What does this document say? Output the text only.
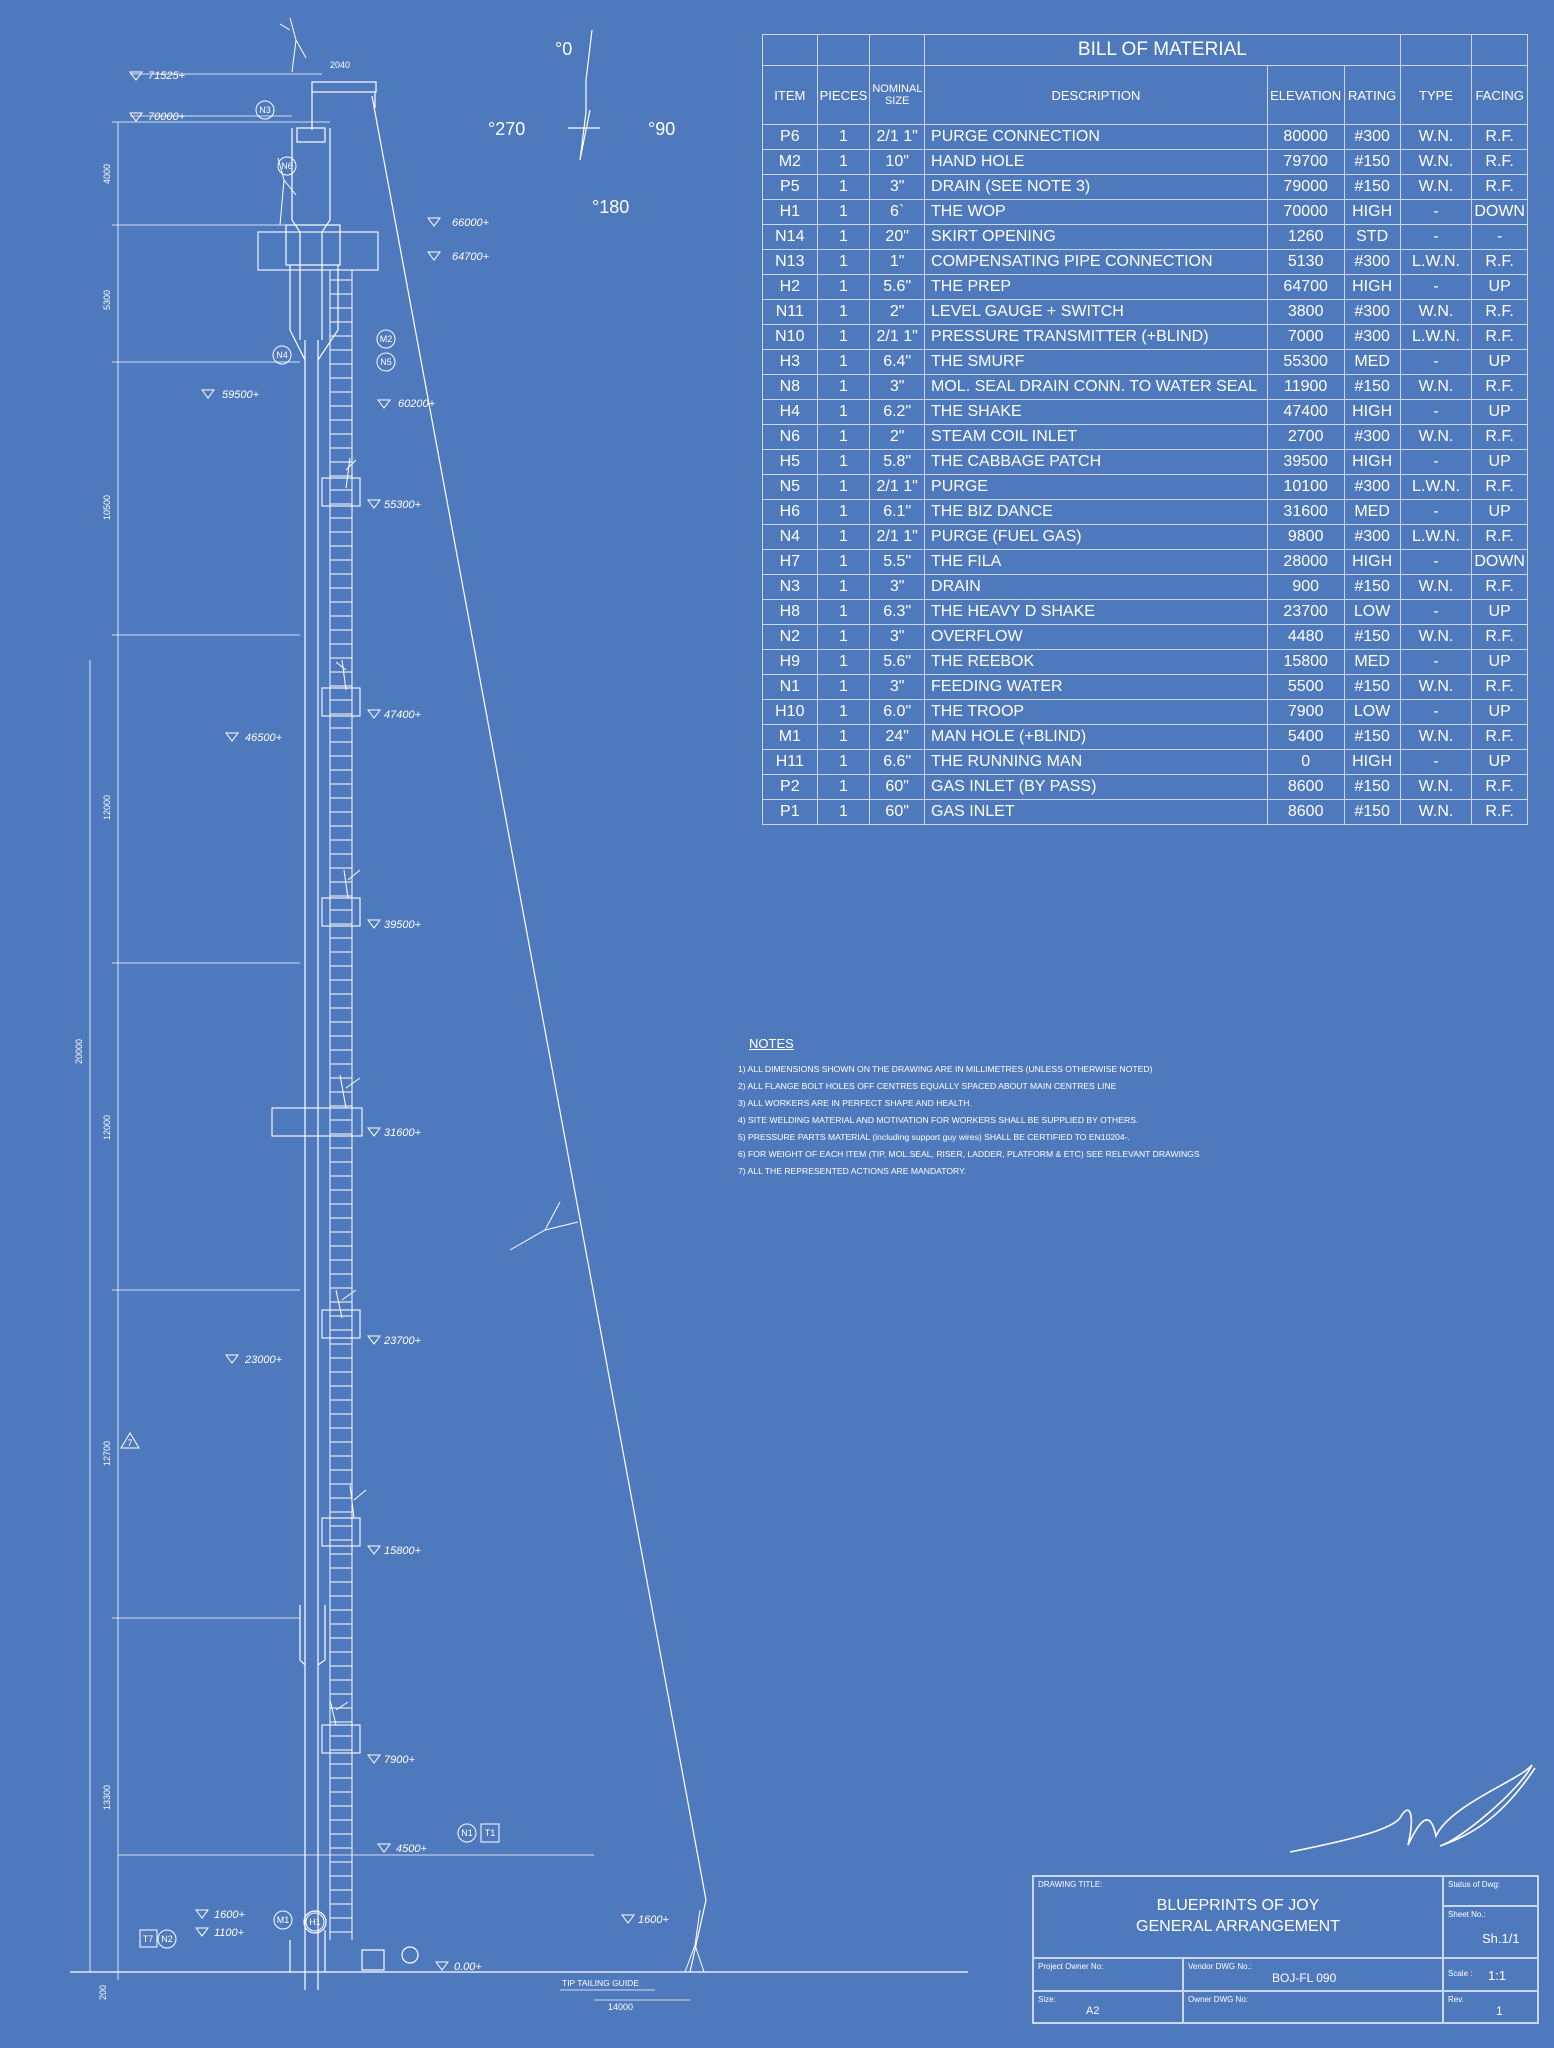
71525+
70000+
66000+
64700+
60200+
59500+
55300+
47400+
46500+
39500+
31600+
23700+
23000+
15800+
7900+
4500+
1600+
1100+
0.00+
1600+
2040
4000
5300
10500
12000
12000
20000
12700
13300
200
14000
TIP TAILING GUIDE
N3
N6
N4
M2
N5
N1 T1
M1 H1
T7 N2
7
°0
°270	°90
°180
			BILL OF MATERIAL				
ITEM	PIECES	NOMINAL SIZE	DESCRIPTION	ELEVATION	RATING	TYPE	FACING
P6	1	2/1 1"	PURGE CONNECTION	80000	#300	W.N.	R.F.
M2	1	10"	HAND HOLE	79700	#150	W.N.	R.F.
P5	1	3"	DRAIN (SEE NOTE 3)	79000	#150	W.N.	R.F.
H1	1	6`	THE WOP	70000	HIGH	-	DOWN
N14	1	20"	SKIRT OPENING	1260	STD	-	-
N13	1	1"	COMPENSATING PIPE CONNECTION	5130	#300	L.W.N.	R.F.
H2	1	5.6"	THE PREP	64700	HIGH	-	UP
N11	1	2"	LEVEL GAUGE + SWITCH	3800	#300	W.N.	R.F.
N10	1	2/1 1"	PRESSURE TRANSMITTER (+BLIND)	7000	#300	L.W.N.	R.F.
H3	1	6.4"	THE SMURF	55300	MED	-	UP
N8	1	3"	MOL. SEAL DRAIN CONN. TO WATER SEAL	11900	#150	W.N.	R.F.
H4	1	6.2"	THE SHAKE	47400	HIGH	-	UP
N6	1	2"	STEAM COIL INLET	2700	#300	W.N.	R.F.
H5	1	5.8"	THE CABBAGE PATCH	39500	HIGH	-	UP
N5	1	2/1 1"	PURGE	10100	#300	L.W.N.	R.F.
H6	1	6.1"	THE BIZ DANCE	31600	MED	-	UP
N4	1	2/1 1"	PURGE (FUEL GAS)	9800	#300	L.W.N.	R.F.
H7	1	5.5"	THE FILA	28000	HIGH	-	DOWN
N3	1	3"	DRAIN	900	#150	W.N.	R.F.
H8	1	6.3"	THE HEAVY D SHAKE	23700	LOW	-	UP
N2	1	3"	OVERFLOW	4480	#150	W.N.	R.F.
H9	1	5.6"	THE REEBOK	15800	MED	-	UP
N1	1	3"	FEEDING WATER	5500	#150	W.N.	R.F.
H10	1	6.0"	THE TROOP	7900	LOW	-	UP
M1	1	24"	MAN HOLE (+BLIND)	5400	#150	W.N.	R.F.
H11	1	6.6"	THE RUNNING MAN	0	HIGH	-	UP
P2	1	60"	GAS INLET (BY PASS)	8600	#150	W.N.	R.F.
P1	1	60"	GAS INLET	8600	#150	W.N.	R.F.
NOTES
1) ALL DIMENSIONS SHOWN ON THE DRAWING ARE IN MILLIMETRES (UNLESS OTHERWISE NOTED)
2) ALL FLANGE BOLT HOLES OFF CENTRES EQUALLY SPACED ABOUT MAIN CENTRES LINE
3) ALL WORKERS ARE IN PERFECT SHAPE AND HEALTH.
4) SITE WELDING MATERIAL AND MOTIVATION FOR WORKERS SHALL BE SUPPLIED BY OTHERS.
5) PRESSURE PARTS MATERIAL (including support guy wires) SHALL BE CERTIFIED TO EN10204-.
6) FOR WEIGHT OF EACH ITEM (TIP, MOL.SEAL, RISER, LADDER, PLATFORM & ETC) SEE RELEVANT DRAWINGS
7) ALL THE REPRESENTED ACTIONS ARE MANDATORY.
DRAWING TITLE:
BLUEPRINTS OF JOY
GENERAL ARRANGEMENT
Status of Dwg:
Sheet No.:
Sh.1/1
Project Owner No:	Vendor DWG No.:
BOJ-FL 090	Scale : 1:1
Size:
A2
Owner DWG No:	Rev.
1
